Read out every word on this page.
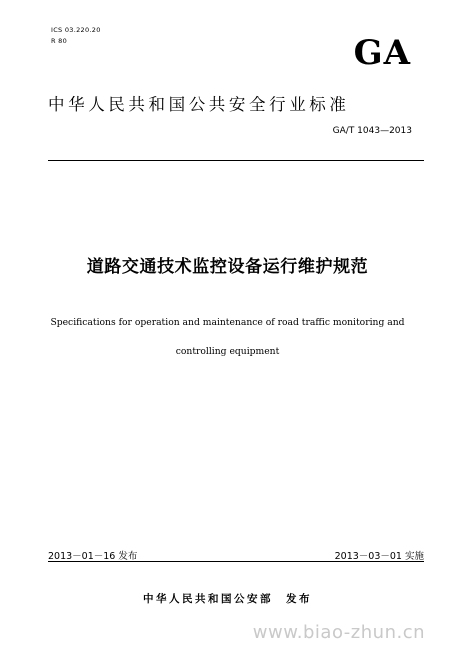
ICS 03.220.20
R 80	GA
中华人民共和国公共安全行业标准
GA/T 1043—2013
道路交通技术监控设备运行维护规范
Specifications for operation and maintenance of road traffic monitoring and
controlling equipment
2013－01－16 发布	2013－03－01 实施
中华人民共和国公安部　发布
www.biao-zhun.cn
